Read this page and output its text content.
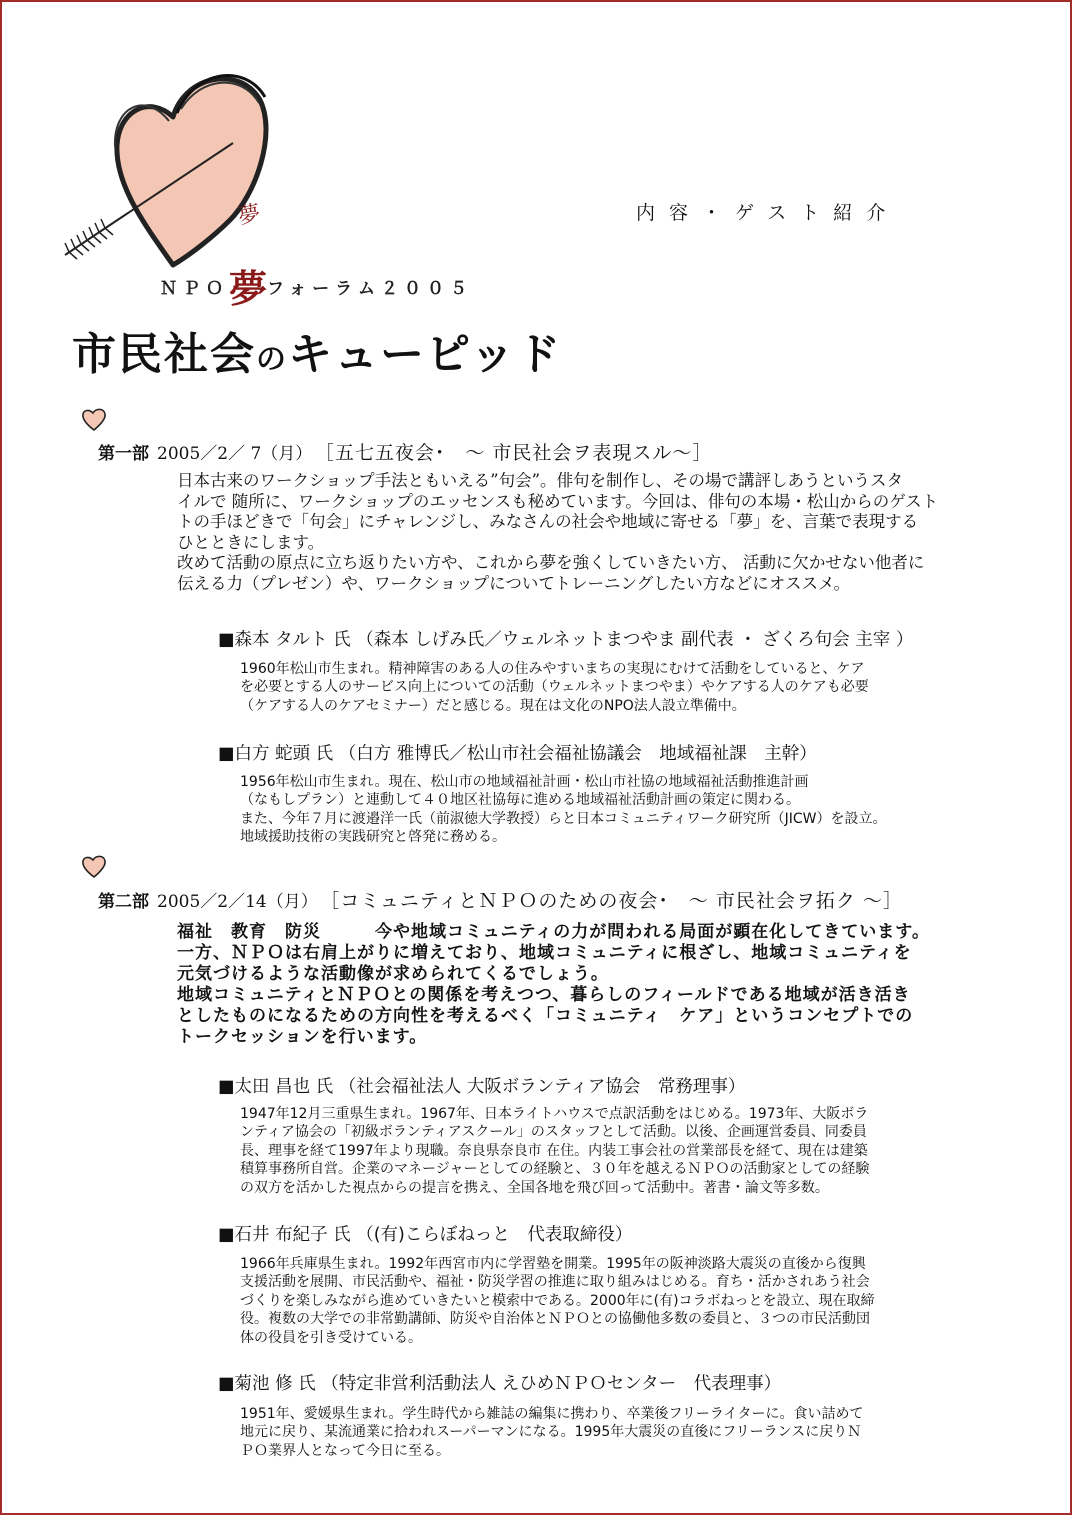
夢
ＮＰＯ夢フォーラム２００５
内容・ゲスト紹介
市民社会のキューピッド
第一部 2005／2／ 7（月） ［五七五夜会･　～ 市民社会ヲ表現スル～］

日本古来のワークショップ手法ともいえる”句会”。俳句を制作し、その場で講評しあうというスタ
イルで 随所に、ワークショップのエッセンスも秘めています。今回は、俳句の本場・松山からのゲスト
トの手ほどきで「句会」にチャレンジし、みなさんの社会や地域に寄せる「夢」を、言葉で表現する
ひとときにします。
改めて活動の原点に立ち返りたい方や、これから夢を強くしていきたい方、 活動に欠かせない他者に
伝える力（プレゼン）や、ワークショップについてトレーニングしたい方などにオススメ。

■森本 タルト 氏 （森本 しげみ氏／ウェルネットまつやま 副代表 ・ ざくろ句会 主宰 ）

1960年松山市生まれ。精神障害のある人の住みやすいまちの実現にむけて活動をしていると、ケア
を必要とする人のサービス向上についての活動（ウェルネットまつやま）やケアする人のケアも必要
（ケアする人のケアセミナー）だと感じる。現在は文化のNPO法人設立準備中。

■白方 蛇頭 氏 （白方 雅博氏／松山市社会福祉協議会　地域福祉課　主幹）

1956年松山市生まれ。現在、松山市の地域福祉計画・松山市社協の地域福祉活動推進計画
（なもしプラン）と連動して４０地区社協毎に進める地域福祉活動計画の策定に関わる。
また、今年７月に渡邉洋一氏（前淑徳大学教授）らと日本コミュニティワーク研究所（JICW）を設立。
地域援助技術の実践研究と啓発に務める。

第二部 2005／2／14（月） ［コミュニティとＮＰＯのための夜会･　～ 市民社会ヲ拓ク ～］

福祉　教育　防災　　　今や地域コミュニティの力が問われる局面が顕在化してきています。
一方、ＮＰＯは右肩上がりに増えており、地域コミュニティに根ざし、地域コミュニティを
元気づけるような活動像が求められてくるでしょう。
地域コミュニティとＮＰＯとの関係を考えつつ、暮らしのフィールドである地域が活き活き
としたものになるための方向性を考えるべく「コミュニティ　ケア」というコンセプトでの
トークセッションを行います。

■太田 昌也 氏 （社会福祉法人 大阪ボランティア協会　常務理事）

1947年12月三重県生まれ。1967年、日本ライトハウスで点訳活動をはじめる。1973年、大阪ボラ
ンティア協会の「初級ボランティアスクール」のスタッフとして活動。以後、企画運営委員、同委員
長、理事を経て1997年より現職。奈良県奈良市 在住。内装工事会社の営業部長を経て、現在は建築
積算事務所自営。企業のマネージャーとしての経験と、３０年を越えるＮＰＯの活動家としての経験
の双方を活かした視点からの提言を携え、全国各地を飛び回って活動中。著書・論文等多数。

■石井 布紀子 氏 （(有)こらぼねっと　代表取締役）

1966年兵庫県生まれ。1992年西宮市内に学習塾を開業。1995年の阪神淡路大震災の直後から復興
支援活動を展開、市民活動や、福祉・防災学習の推進に取り組みはじめる。育ち・活かされあう社会
づくりを楽しみながら進めていきたいと模索中である。2000年に(有)コラボねっとを設立、現在取締
役。複数の大学での非常勤講師、防災や自治体とＮＰＯとの協働他多数の委員と、３つの市民活動団
体の役員を引き受けている。

■菊池 修 氏 （特定非営利活動法人 えひめＮＰＯセンター　代表理事）

1951年、愛媛県生まれ。学生時代から雑誌の編集に携わり、卒業後フリーライターに。食い詰めて
地元に戻り、某流通業に拾われスーパーマンになる。1995年大震災の直後にフリーランスに戻りＮ
ＰＯ業界人となって今日に至る。
